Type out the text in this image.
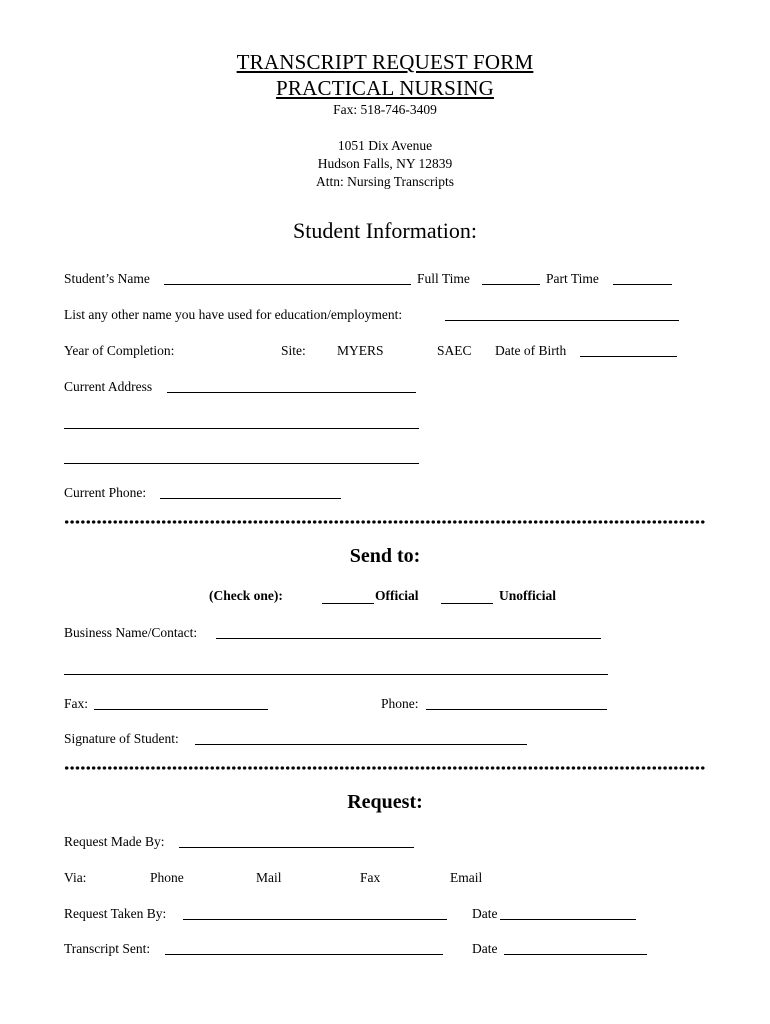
TRANSCRIPT REQUEST FORM
PRACTICAL NURSING
Fax: 518-746-3409
1051 Dix Avenue
Hudson Falls, NY 12839
Attn: Nursing Transcripts
Student Information:
Student’s Name	Full Time	Part Time
List any other name you have used for education/employment:
Year of Completion:	Site: MYERS	SAEC Date of Birth
Current Address
Current Phone:
Send to:
(Check one):	Official	Unofficial
Business Name/Contact:
Fax:	Phone:
Signature of Student:
Request:
Request Made By:
Via:	Phone	Mail	Fax	Email
Request Taken By:	Date
Transcript Sent:	Date
